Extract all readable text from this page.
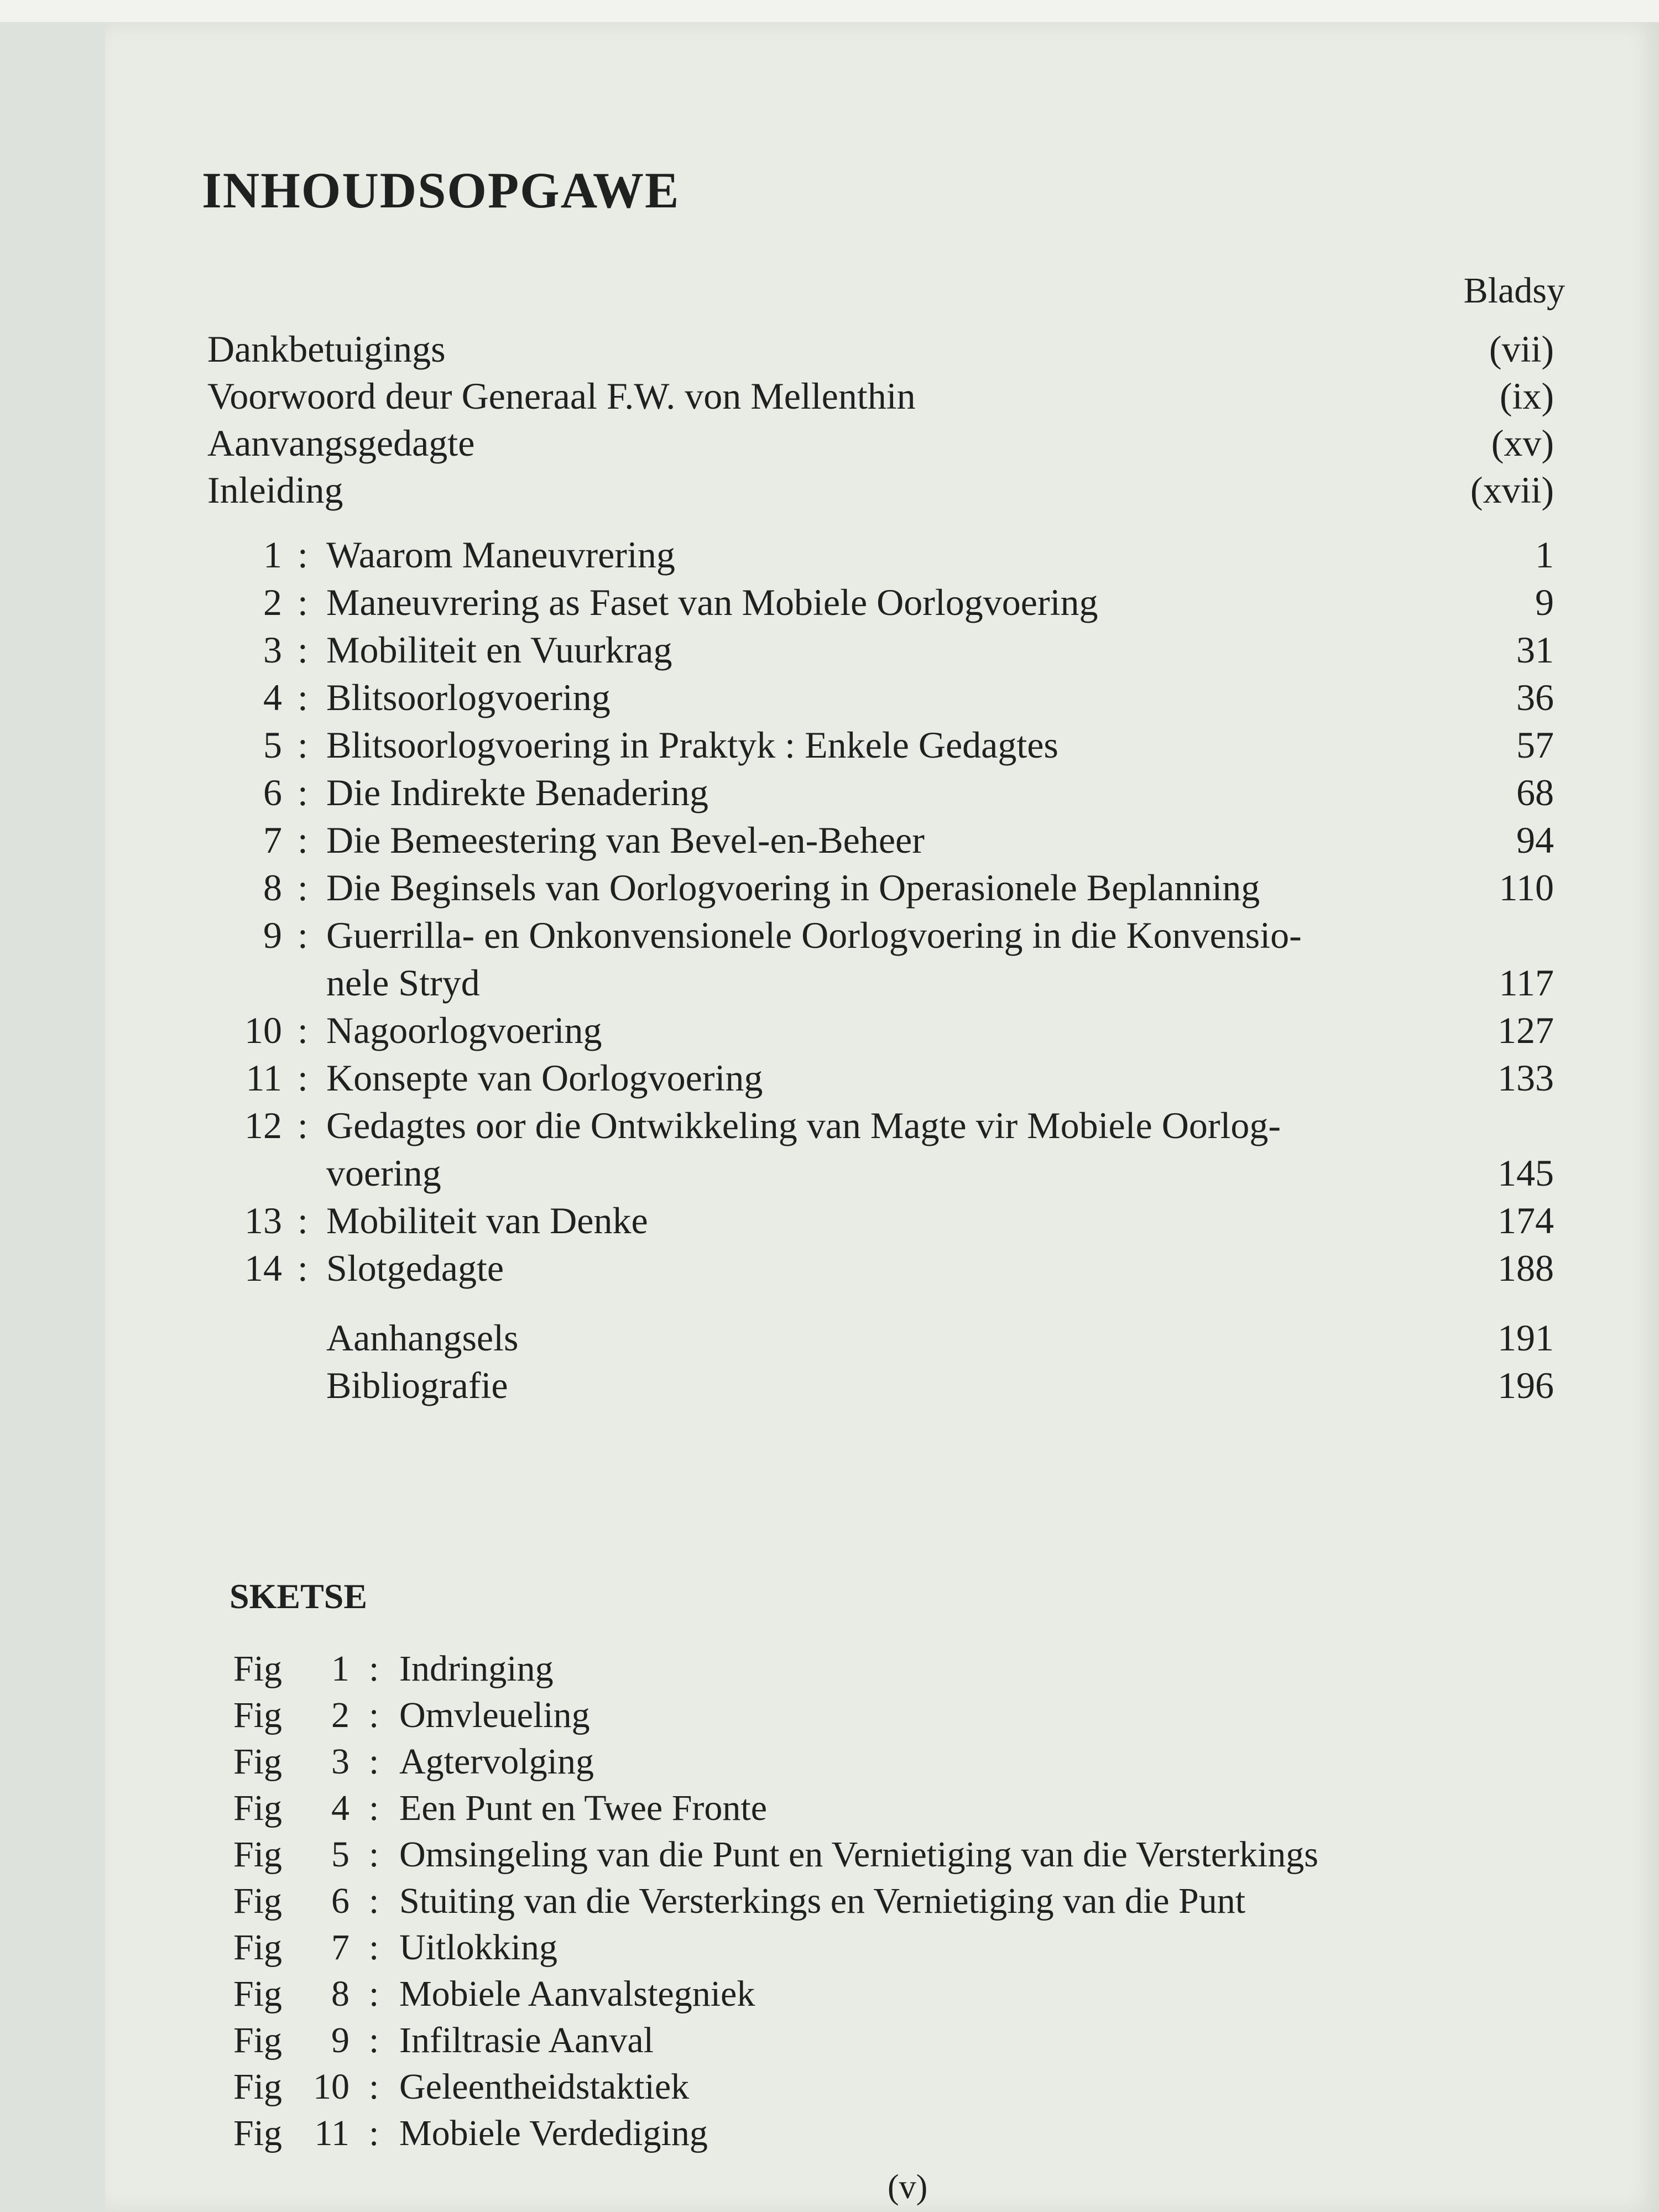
INHOUDSOPGAWE
Bladsy
Dankbetuigings	(vii)
Voorwoord deur Generaal F.W. von Mellenthin	(ix)
Aanvangsgedagte	(xv)
Inleiding	(xvii)
1 : Waarom Maneuvrering	1
2 : Maneuvrering as Faset van Mobiele Oorlogvoering	9
3 : Mobiliteit en Vuurkrag	31
4 : Blitsoorlogvoering	36
5 : Blitsoorlogvoering in Praktyk : Enkele Gedagtes	57
6 : Die Indirekte Benadering	68
7 : Die Bemeestering van Bevel-en-Beheer	94
8 : Die Beginsels van Oorlogvoering in Operasionele Beplanning	110
9 : Guerrilla- en Onkonvensionele Oorlogvoering in die Konvensio-
nele Stryd	117
10 : Nagoorlogvoering	127
11 : Konsepte van Oorlogvoering	133
12 : Gedagtes oor die Ontwikkeling van Magte vir Mobiele Oorlog-
voering	145
13 : Mobiliteit van Denke	174
14 : Slotgedagte	188
Aanhangsels	191
Bibliografie	196
SKETSE
Fig	1 : Indringing
Fig	2 : Omvleueling
Fig	3 : Agtervolging
Fig	4 : Een Punt en Twee Fronte
Fig	5 : Omsingeling van die Punt en Vernietiging van die Versterkings
Fig	6 : Stuiting van die Versterkings en Vernietiging van die Punt
Fig	7 : Uitlokking
Fig	8 : Mobiele Aanvalstegniek
Fig	9 : Infiltrasie Aanval
Fig 10 : Geleentheidstaktiek
Fig 11 : Mobiele Verdediging
(v)
